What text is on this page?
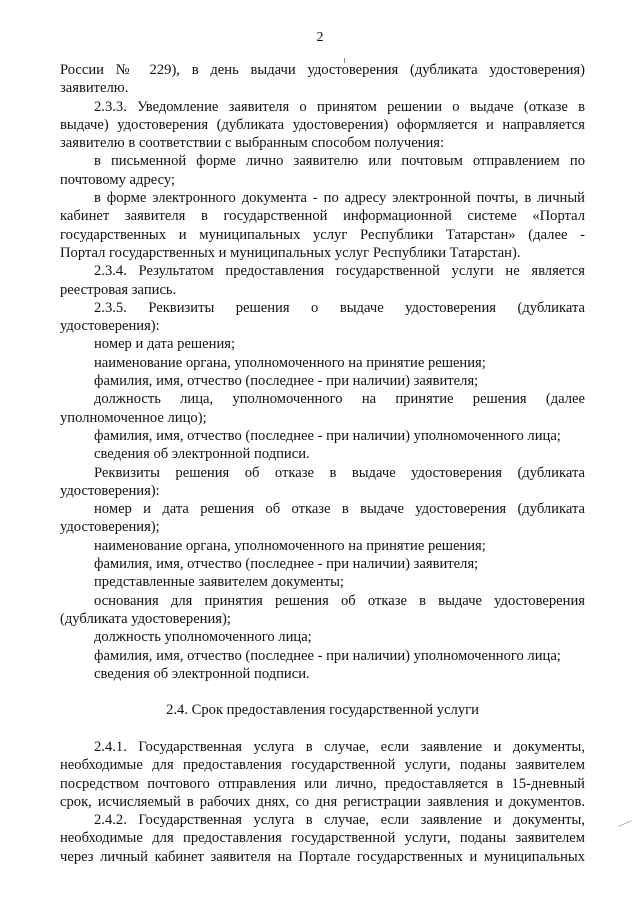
2
России № 229), в день выдачи удостоверения (дубликата удостоверения)
заявителю.
2.3.3. Уведомление заявителя о принятом решении о выдаче (отказе в
выдаче) удостоверения (дубликата удостоверения) оформляется и направляется
заявителю в соответствии с выбранным способом получения:
в письменной форме лично заявителю или почтовым отправлением по
почтовому адресу;
в форме электронного документа - по адресу электронной почты, в личный
кабинет заявителя в государственной информационной системе «Портал
государственных и муниципальных услуг Республики Татарстан» (далее -
Портал государственных и муниципальных услуг Республики Татарстан).
2.3.4. Результатом предоставления государственной услуги не является
реестровая запись.
2.3.5. Реквизиты решения о выдаче удостоверения (дубликата
удостоверения):
номер и дата решения;
наименование органа, уполномоченного на принятие решения;
фамилия, имя, отчество (последнее - при наличии) заявителя;
должность лица, уполномоченного на принятие решения (далее
уполномоченное лицо);
фамилия, имя, отчество (последнее - при наличии) уполномоченного лица;
сведения об электронной подписи.
Реквизиты решения об отказе в выдаче удостоверения (дубликата
удостоверения):
номер и дата решения об отказе в выдаче удостоверения (дубликата
удостоверения);
наименование органа, уполномоченного на принятие решения;
фамилия, имя, отчество (последнее - при наличии) заявителя;
представленные заявителем документы;
основания для принятия решения об отказе в выдаче удостоверения
(дубликата удостоверения);
должность уполномоченного лица;
фамилия, имя, отчество (последнее - при наличии) уполномоченного лица;
сведения об электронной подписи.
2.4. Срок предоставления государственной услуги
2.4.1. Государственная услуга в случае, если заявление и документы,
необходимые для предоставления государственной услуги, поданы заявителем
посредством почтового отправления или лично, предоставляется в 15-дневный
срок, исчисляемый в рабочих днях, со дня регистрации заявления и документов.
2.4.2. Государственная услуга в случае, если заявление и документы,
необходимые для предоставления государственной услуги, поданы заявителем
через личный кабинет заявителя на Портале государственных и муниципальных
